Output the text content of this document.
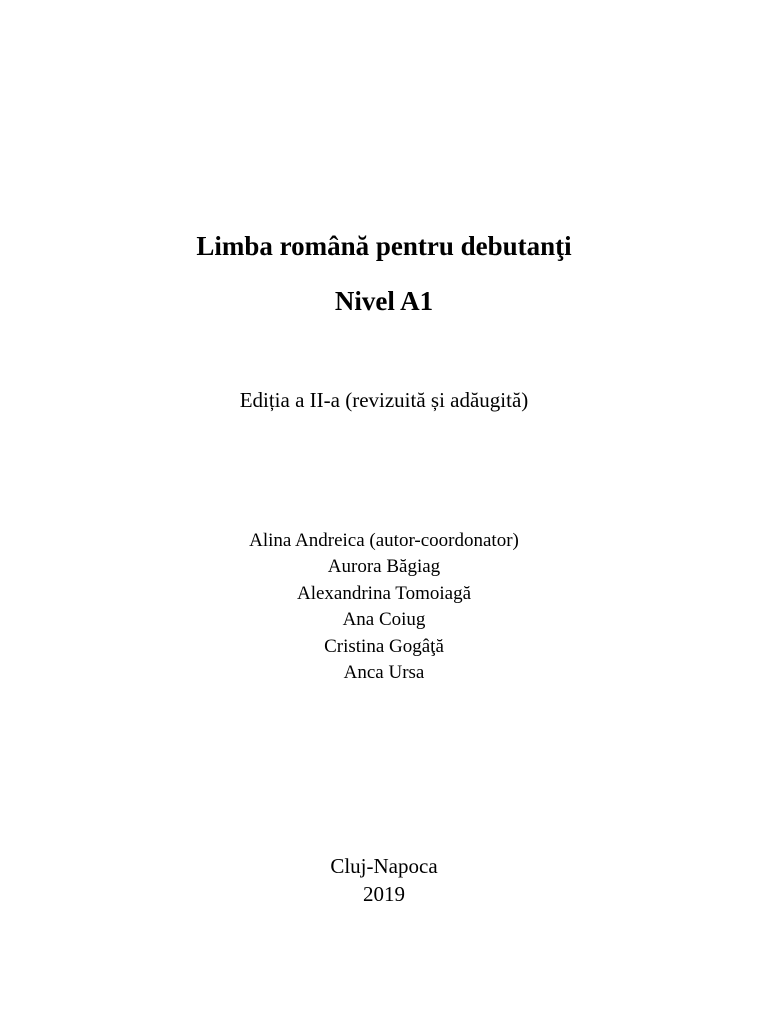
Limba română pentru debutanţi
Nivel A1
Ediția a II-a (revizuită și adăugită)
Alina Andreica (autor-coordonator)
Aurora Băgiag
Alexandrina Tomoiagă
Ana Coiug
Cristina Gogâţă
Anca Ursa
Cluj-Napoca
2019
